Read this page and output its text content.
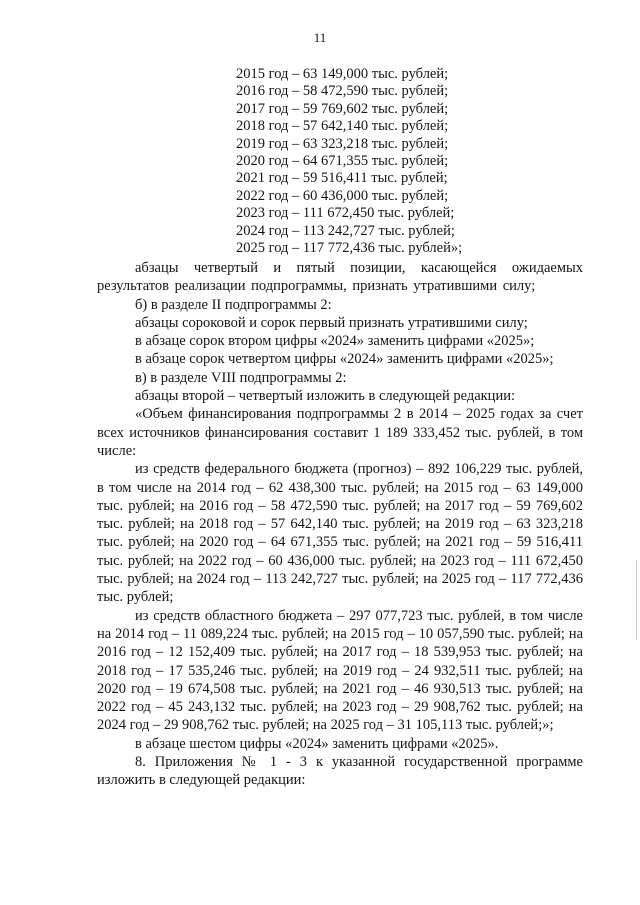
11
2015 год – 63 149,000 тыс. рублей;
2016 год – 58 472,590 тыс. рублей;
2017 год – 59 769,602 тыс. рублей;
2018 год – 57 642,140 тыс. рублей;
2019 год – 63 323,218 тыс. рублей;
2020 год – 64 671,355 тыс. рублей;
2021 год – 59 516,411 тыс. рублей;
2022 год – 60 436,000 тыс. рублей;
2023 год – 111 672,450 тыс. рублей;
2024 год – 113 242,727 тыс. рублей;
2025 год – 117 772,436 тыс. рублей»;

абзацы четвертый и пятый позиции, касающейся ожидаемых результатов реализации подпрограммы, признать утратившими силу;

б) в разделе II подпрограммы 2:

абзацы сороковой и сорок первый признать утратившими силу;

в абзаце сорок втором цифры «2024» заменить цифрами «2025»;

в абзаце сорок четвертом цифры «2024» заменить цифрами «2025»;

в) в разделе VIII подпрограммы 2:

абзацы второй – четвертый изложить в следующей редакции:

«Объем финансирования подпрограммы 2 в 2014 – 2025 годах за счет всех источников финансирования составит 1 189 333,452 тыс. рублей, в том числе:

из средств федерального бюджета (прогноз) – 892 106,229 тыс. рублей, в том числе на 2014 год – 62 438,300 тыс. рублей; на 2015 год – 63 149,000 тыс. рублей; на 2016 год – 58 472,590 тыс. рублей; на 2017 год – 59 769,602 тыс. рублей; на 2018 год – 57 642,140 тыс. рублей; на 2019 год – 63 323,218 тыс. рублей; на 2020 год – 64 671,355 тыс. рублей; на 2021 год – 59 516,411 тыс. рублей; на 2022 год – 60 436,000 тыс. рублей; на 2023 год – 111 672,450 тыс. рублей; на 2024 год – 113 242,727 тыс. рублей; на 2025 год – 117 772,436 тыс. рублей;

из средств областного бюджета – 297 077,723 тыс. рублей, в том числе на 2014 год – 11 089,224 тыс. рублей; на 2015 год – 10 057,590 тыс. рублей; на 2016 год – 12 152,409 тыс. рублей; на 2017 год – 18 539,953 тыс. рублей; на 2018 год – 17 535,246 тыс. рублей; на 2019 год – 24 932,511 тыс. рублей; на 2020 год – 19 674,508 тыс. рублей; на 2021 год – 46 930,513 тыс. рублей; на 2022 год – 45 243,132 тыс. рублей; на 2023 год – 29 908,762 тыс. рублей; на 2024 год – 29 908,762 тыс. рублей; на 2025 год – 31 105,113 тыс. рублей;»;

в абзаце шестом цифры «2024» заменить цифрами «2025».

8. Приложения № 1 - 3 к указанной государственной программе изложить в следующей редакции:
